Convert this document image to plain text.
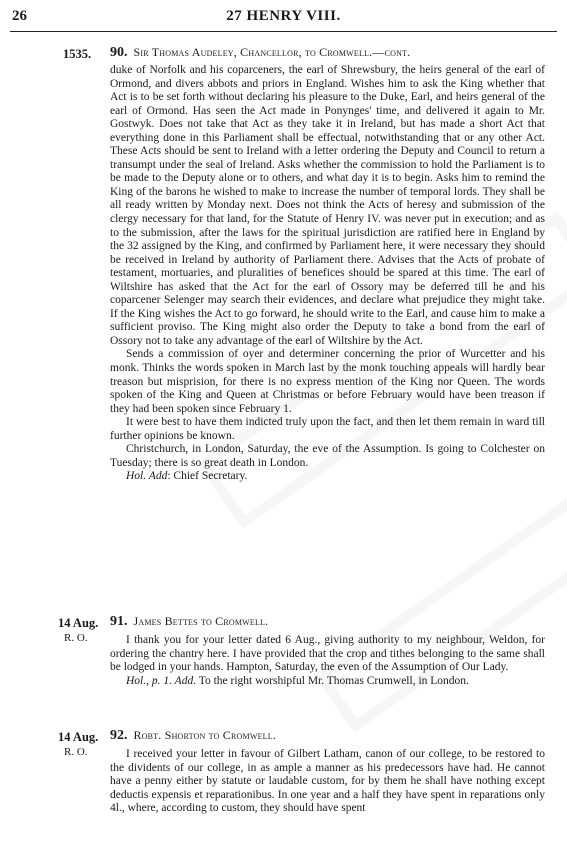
26	27 HENRY VIII.
1535. 90. Sir Thomas Audeley, Chancellor, to Cromwell.—cont.

duke of Norfolk and his coparceners, the earl of Shrewsbury, the heirs general of the earl of Ormond, and divers abbots and priors in England. Wishes him to ask the King whether that Act is to be set forth without declaring his pleasure to the Duke, Earl, and heirs general of the earl of Ormond. Has seen the Act made in Ponynges' time, and delivered it again to Mr. Gostwyk. Does not take that Act as they take it in Ireland, but has made a short Act that everything done in this Parliament shall be effectual, notwithstanding that or any other Act. These Acts should be sent to Ireland with a letter ordering the Deputy and Council to return a transumpt under the seal of Ireland. Asks whether the commission to hold the Parliament is to be made to the Deputy alone or to others, and what day it is to begin. Asks him to remind the King of the barons he wished to make to increase the number of temporal lords. They shall be all ready written by Monday next. Does not think the Acts of heresy and submission of the clergy necessary for that land, for the Statute of Henry IV. was never put in execution; and as to the submission, after the laws for the spiritual jurisdiction are ratified here in England by the 32 assigned by the King, and confirmed by Parliament here, it were necessary they should be received in Ireland by authority of Parliament there. Advises that the Acts of probate of testament, mortuaries, and pluralities of benefices should be spared at this time. The earl of Wiltshire has asked that the Act for the earl of Ossory may be deferred till he and his coparcener Selenger may search their evidences, and declare what prejudice they might take. If the King wishes the Act to go forward, he should write to the Earl, and cause him to make a sufficient proviso. The King might also order the Deputy to take a bond from the earl of Ossory not to take any advantage of the earl of Wiltshire by the Act.

Sends a commission of oyer and determiner concerning the prior of Wurcetter and his monk. Thinks the words spoken in March last by the monk touching appeals will hardly bear treason but misprision, for there is no express mention of the King nor Queen. The words spoken of the King and Queen at Christmas or before February would have been treason if they had been spoken since February 1.

It were best to have them indicted truly upon the fact, and then let them remain in ward till further opinions be known.

Christchurch, in London, Saturday, the eve of the Assumption. Is going to Colchester on Tuesday; there is so great death in London.

Hol. Add: Chief Secretary.

14 Aug.
R. O.
91. James Bettes to Cromwell.

I thank you for your letter dated 6 Aug., giving authority to my neighbour, Weldon, for ordering the chantry here. I have provided that the crop and tithes belonging to the same shall be lodged in your hands. Hampton, Saturday, the even of the Assumption of Our Lady.

Hol., p. 1. Add. To the right worshipful Mr. Thomas Crumwell, in London.

14 Aug.
R. O.
92. Robt. Shorton to Cromwell.

I received your letter in favour of Gilbert Latham, canon of our college, to be restored to the dividents of our college, in as ample a manner as his predecessors have had. He cannot have a penny either by statute or laudable custom, for by them he shall have nothing except deductis expensis et reparationibus. In one year and a half they have spent in reparations only 4l., where, according to custom, they should have spent
